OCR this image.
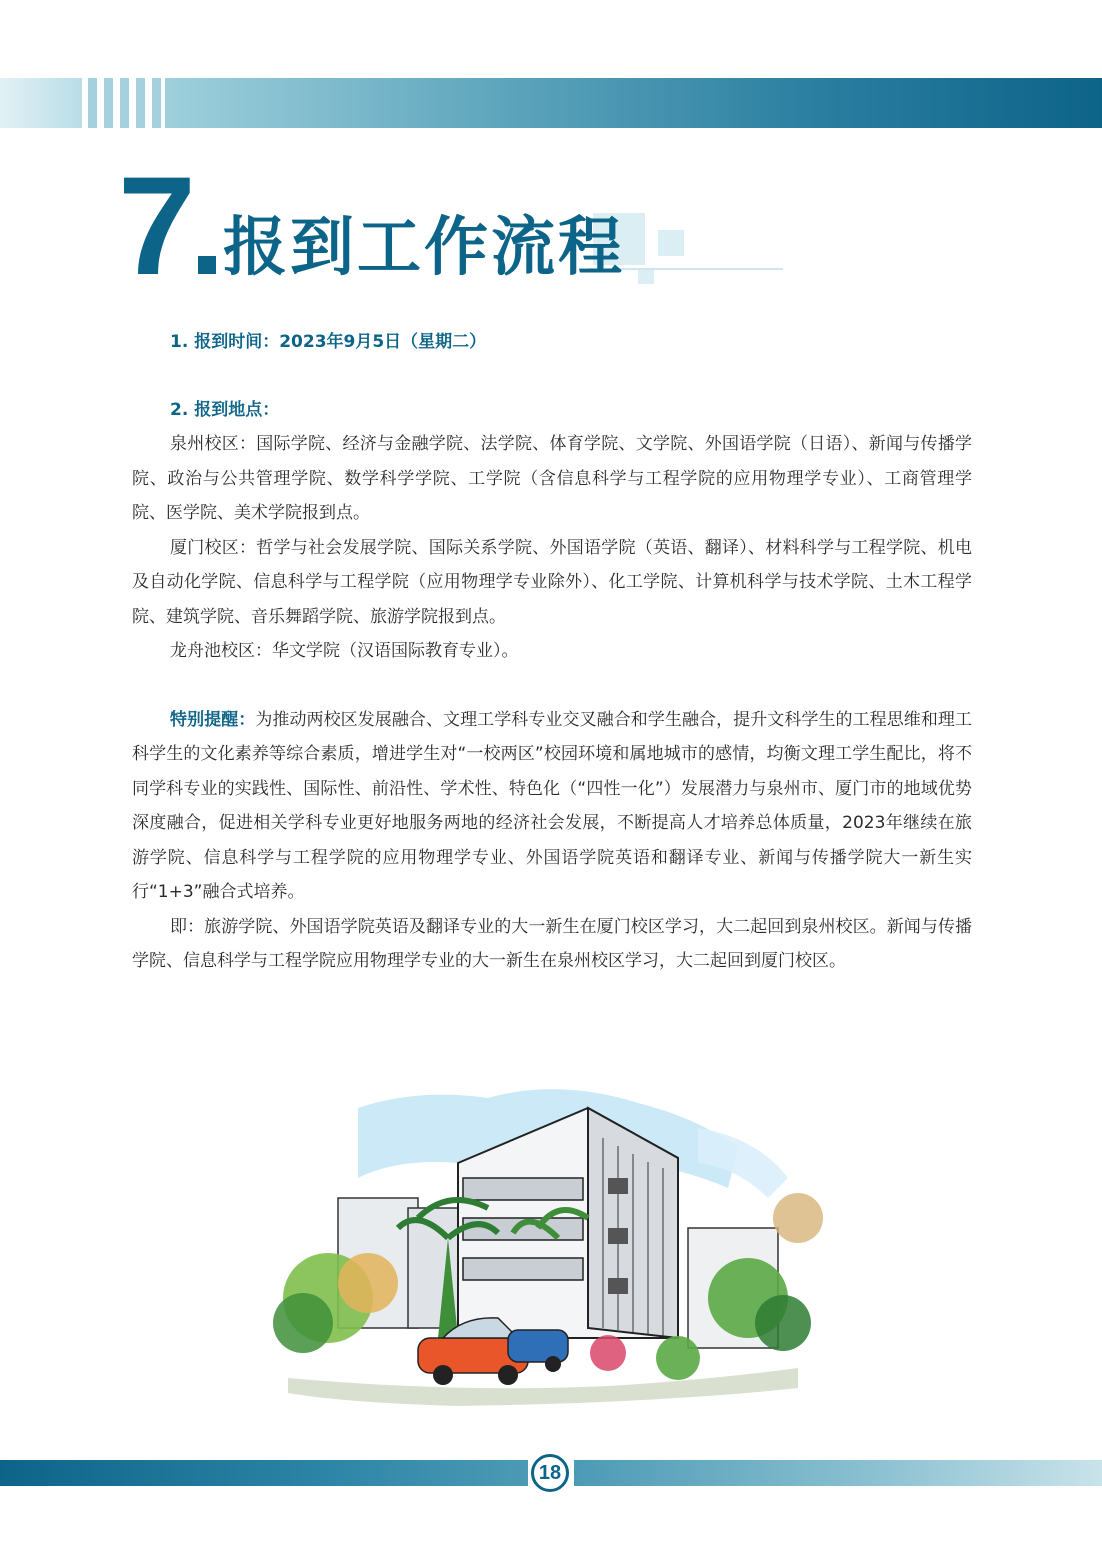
7 报到工作流程

1. 报到时间：2023年9月5日（星期二）

2. 报到地点：

泉州校区：国际学院、经济与金融学院、法学院、体育学院、文学院、外国语学院（日语）、新闻与传播学院、政治与公共管理学院、数学科学学院、工学院（含信息科学与工程学院的应用物理学专业）、工商管理学院、医学院、美术学院报到点。

厦门校区：哲学与社会发展学院、国际关系学院、外国语学院（英语、翻译）、材料科学与工程学院、机电及自动化学院、信息科学与工程学院（应用物理学专业除外）、化工学院、计算机科学与技术学院、土木工程学院、建筑学院、音乐舞蹈学院、旅游学院报到点。

龙舟池校区：华文学院（汉语国际教育专业）。

特别提醒：为推动两校区发展融合、文理工学科专业交叉融合和学生融合，提升文科学生的工程思维和理工科学生的文化素养等综合素质，增进学生对“一校两区”校园环境和属地城市的感情，均衡文理工学生配比，将不同学科专业的实践性、国际性、前沿性、学术性、特色化（“四性一化”）发展潜力与泉州市、厦门市的地域优势深度融合，促进相关学科专业更好地服务两地的经济社会发展，不断提高人才培养总体质量，2023年继续在旅游学院、信息科学与工程学院的应用物理学专业、外国语学院英语和翻译专业、新闻与传播学院大一新生实行“1+3”融合式培养。

即：旅游学院、外国语学院英语及翻译专业的大一新生在厦门校区学习，大二起回到泉州校区。新闻与传播学院、信息科学与工程学院应用物理学专业的大一新生在泉州校区学习，大二起回到厦门校区。

18
